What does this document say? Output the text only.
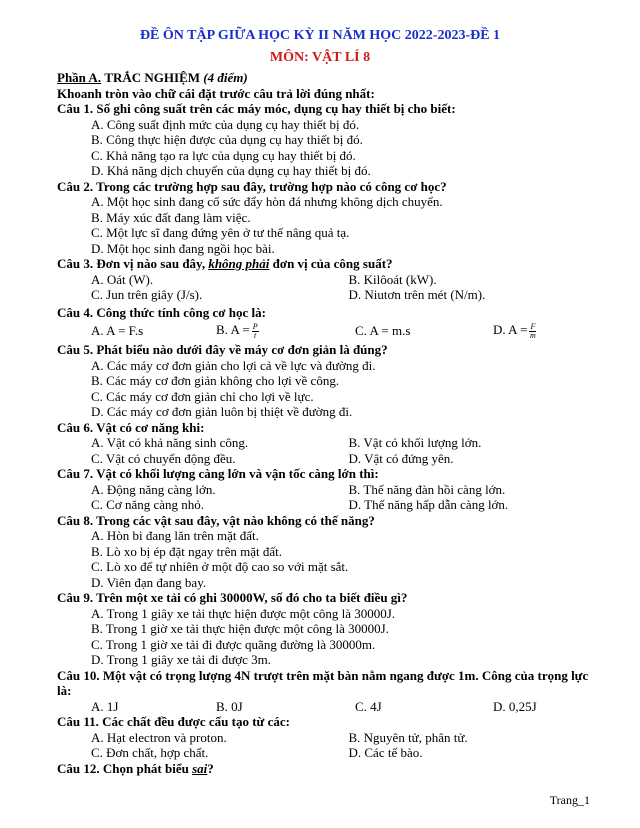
ĐỀ ÔN TẬP GIỮA HỌC KỲ II NĂM HỌC 2022-2023-ĐỀ 1
MÔN: VẬT LÍ 8
Phần A. TRẮC NGHIỆM (4 điểm)
Khoanh tròn vào chữ cái đặt trước câu trả lời đúng nhất:
Câu 1. Số ghi công suất trên các máy móc, dụng cụ hay thiết bị cho biết:
A. Công suất định mức của dụng cụ hay thiết bị đó.
B. Công thực hiện được của dụng cụ hay thiết bị đó.
C. Khả năng tạo ra lực của dụng cụ hay thiết bị đó.
D. Khả năng dịch chuyển của dụng cụ hay thiết bị đó.
Câu 2. Trong các trường hợp sau đây, trường hợp nào có công cơ học?
A. Một học sinh đang cố sức đẩy hòn đá nhưng không dịch chuyển.
B. Máy xúc đất đang làm việc.
C. Một lực sĩ đang đứng yên ở tư thế nâng quả tạ.
D. Một học sinh đang ngồi học bài.
Câu 3. Đơn vị nào sau đây, không phải đơn vị của công suất?
A. Oát (W).	B. Kilôoát (kW).
C. Jun trên giây (J/s).	D. Niutơn trên mét (N/m).
Câu 4. Công thức tính công cơ học là:
A. A = F.s	B. $A = \frac{P}{t}$	C. A = m.s	D. $A = \frac{F}{m}$
Câu 5. Phát biểu nào dưới đây về máy cơ đơn giản là đúng?
A. Các máy cơ đơn giản cho lợi cả về lực và đường đi.
B. Các máy cơ đơn giản không cho lợi về công.
C. Các máy cơ đơn giản chỉ cho lợi về lực.
D. Các máy cơ đơn giản luôn bị thiệt về đường đi.
Câu 6. Vật có cơ năng khi:
A. Vật có khả năng sinh công.	B. Vật có khối lượng lớn.
C. Vật có chuyển động đều.	D. Vật có đứng yên.
Câu 7. Vật có khối lượng càng lớn và vận tốc càng lớn thì:
A. Động năng càng lớn.	B. Thế năng đàn hồi càng lớn.
C. Cơ năng càng nhỏ.	D. Thế năng hấp dẫn càng lớn.
Câu 8. Trong các vật sau đây, vật nào không có thế năng?
A. Hòn bi đang lăn trên mặt đất.
B. Lò xo bị ép đặt ngay trên mặt đất.
C. Lò xo để tự nhiên ở một độ cao so với mặt sắt.
D. Viên đạn đang bay.
Câu 9. Trên một xe tải có ghi 30000W, số đó cho ta biết điều gì?
A. Trong 1 giây xe tải thực hiện được một công là 30000J.
B. Trong 1 giờ xe tải thực hiện được một công là 30000J.
C. Trong 1 giờ xe tải đi được quãng đường là 30000m.
D. Trong 1 giây xe tải đi được 3m.
Câu 10. Một vật có trọng lượng 4N trượt trên mặt bàn nằm ngang được 1m. Công của trọng lực là:
A. 1J	B. 0J	C. 4J	D. 0,25J
Câu 11. Các chất đều được cấu tạo từ các:
A. Hạt electron và proton.	B. Nguyên tử, phân tử.
C. Đơn chất, hợp chất.	D. Các tế bào.
Câu 12. Chọn phát biểu sai?
Trang_1
